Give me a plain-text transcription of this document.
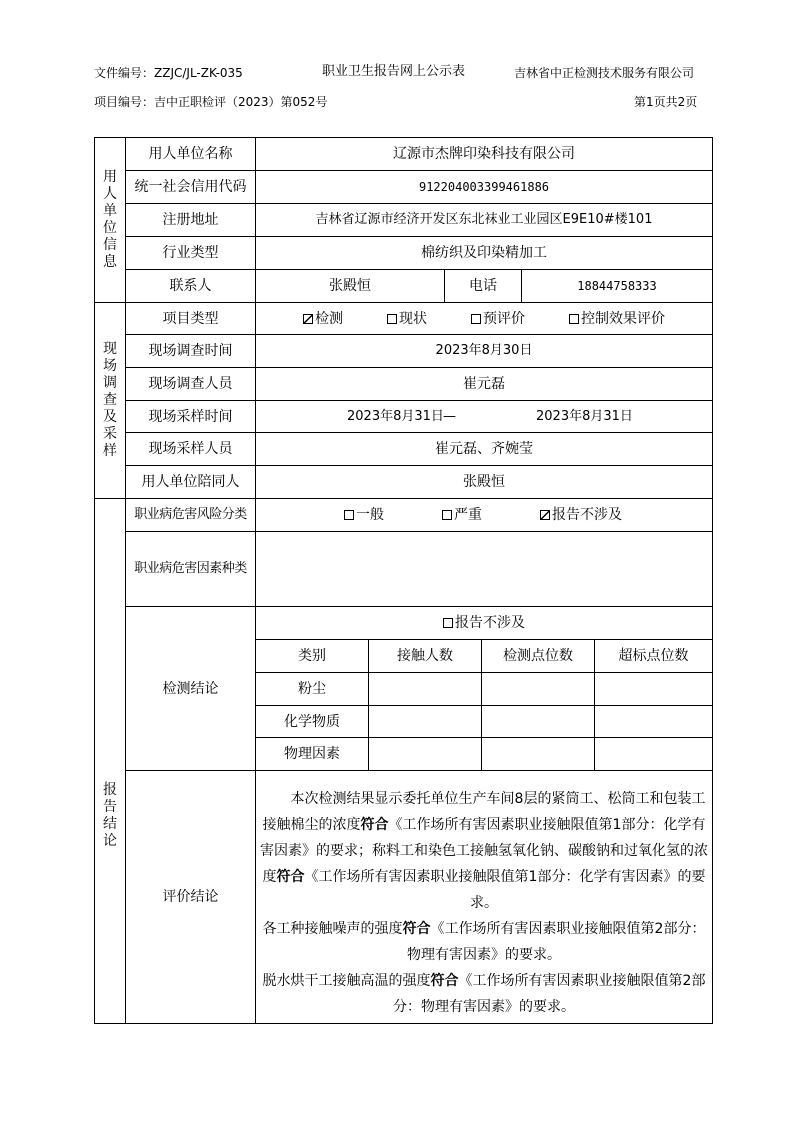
文件编号：ZZJC/JL-ZK-035	职业卫生报告网上公示表	吉林省中正检测技术服务有限公司
项目编号：吉中正职检评（2023）第052号	第1页共2页
用人单位信息
用人单位名称	辽源市杰牌印染科技有限公司
统一社会信用代码	912204003399461886
注册地址	吉林省辽源市经济开发区东北袜业工业园区E9E10#楼101
行业类型	棉纺织及印染精加工
联系人	张殿恒	电话	18844758333
现场调查及采样
项目类型	检测	现状	预评价	控制效果评价
现场调查时间	2023年8月30日
现场调查人员	崔元磊
现场采样时间	2023年8月31日 —	2023年8月31日
现场采样人员	崔元磊、齐婉莹
用人单位陪同人	张殿恒
报告结论
职业病危害风险分类	一般	严重	报告不涉及
职业病危害因素种类
检测结论
报告不涉及
类别	接触人数	检测点位数	超标点位数
粉尘
化学物质
物理因素
评价结论

本次检测结果显示委托单位生产车间8层的紧筒工、松筒工和包装工接触棉尘的浓度符合《工作场所有害因素职业接触限值第1部分：化学有害因素》的要求；称料工和染色工接触氢氧化钠、碳酸钠和过氧化氢的浓度符合《工作场所有害因素职业接触限值第1部分：化学有害因素》的要求。

各工种接触噪声的强度符合《工作场所有害因素职业接触限值第2部分：物理有害因素》的要求。

脱水烘干工接触高温的强度符合《工作场所有害因素职业接触限值第2部分：物理有害因素》的要求。
